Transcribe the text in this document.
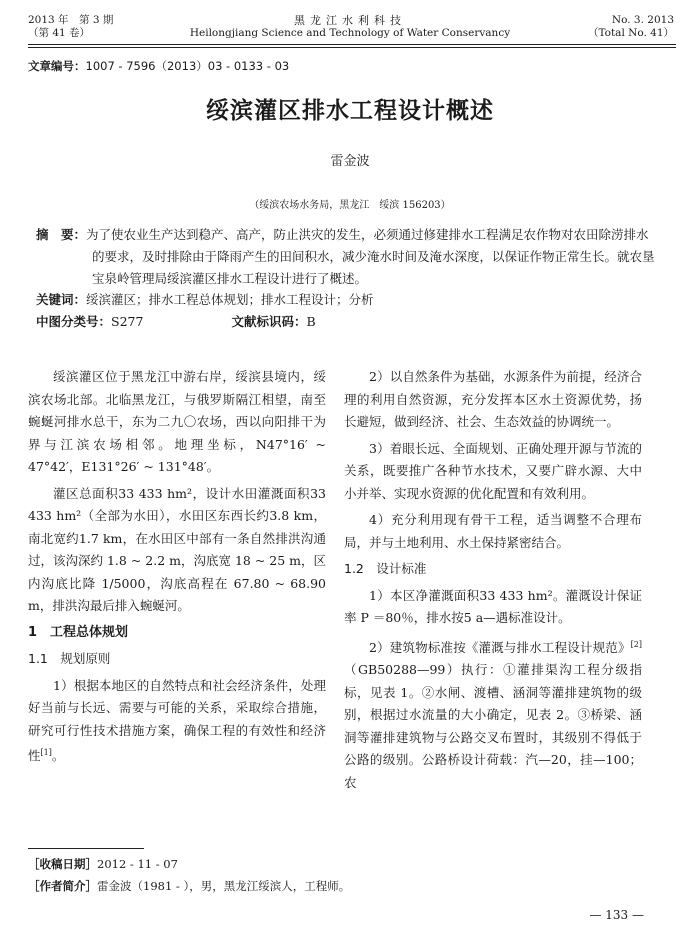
2013 年　第 3 期
（第 41 卷）
黑龙江水利科技
Heilongjiang Science and Technology of Water Conservancy
No. 3. 2013
（Total No. 41）
文章编号：1007 - 7596（2013）03 - 0133 - 03
绥滨灌区排水工程设计概述
雷金波
（绥滨农场水务局，黑龙江　绥滨 156203）
摘　要：为了使农业生产达到稳产、高产，防止洪灾的发生，必须通过修建排水工程满足农作物对农田除涝排水的要求，及时排除由于降雨产生的田间积水，减少淹水时间及淹水深度，以保证作物正常生长。就农垦宝泉岭管理局绥滨灌区排水工程设计进行了概述。
关键词：绥滨灌区；排水工程总体规划；排水工程设计；分析
中图分类号：S277	文献标识码：B

绥滨灌区位于黑龙江中游右岸，绥滨县境内，绥滨农场北部。北临黑龙江，与俄罗斯隔江相望，南至蜿蜒河排水总干，东为二九〇农场，西以向阳排干为界与江滨农场相邻。地理坐标，N47°16′ ~ 47°42′，E131°26′ ~ 131°48′。

灌区总面积33 433 hm²，设计水田灌溉面积33 433 hm²（全部为水田），水田区东西长约3.8 km，南北宽约1.7 km，在水田区中部有一条自然排洪沟通过，该沟深约 1.8 ~ 2.2 m，沟底宽 18 ~ 25 m，区内沟底比降 1/5000，沟底高程在 67.80 ~ 68.90 m，排洪沟最后排入蜿蜒河。

1　工程总体规划

1.1　规划原则

1）根据本地区的自然特点和社会经济条件，处理好当前与长远、需要与可能的关系，采取综合措施，研究可行性技术措施方案，确保工程的有效性和经济性[1]。

2）以自然条件为基础，水源条件为前提，经济合理的利用自然资源，充分发挥本区水土资源优势，扬长避短，做到经济、社会、生态效益的协调统一。

3）着眼长远、全面规划、正确处理开源与节流的关系，既要推广各种节水技术，又要广辟水源、大中小并举、实现水资源的优化配置和有效利用。

4）充分利用现有骨干工程，适当调整不合理布局，并与土地利用、水土保持紧密结合。

1.2　设计标准

1）本区净灌溉面积33 433 hm²。灌溉设计保证率 P ＝80％，排水按5 a—遇标准设计。

2）建筑物标准按《灌溉与排水工程设计规范》[2]（GB50288—99）执行：①灌排渠沟工程分级指标，见表 1。②水闸、渡槽、涵洞等灌排建筑物的级别，根据过水流量的大小确定，见表 2。③桥梁、涵洞等灌排建筑物与公路交叉布置时，其级别不得低于公路的级别。公路桥设计荷载：汽—20，挂—100；农

［收稿日期］2012 - 11 - 07
［作者简介］雷金波（1981 - ），男，黑龙江绥滨人，工程师。
— 133 —
